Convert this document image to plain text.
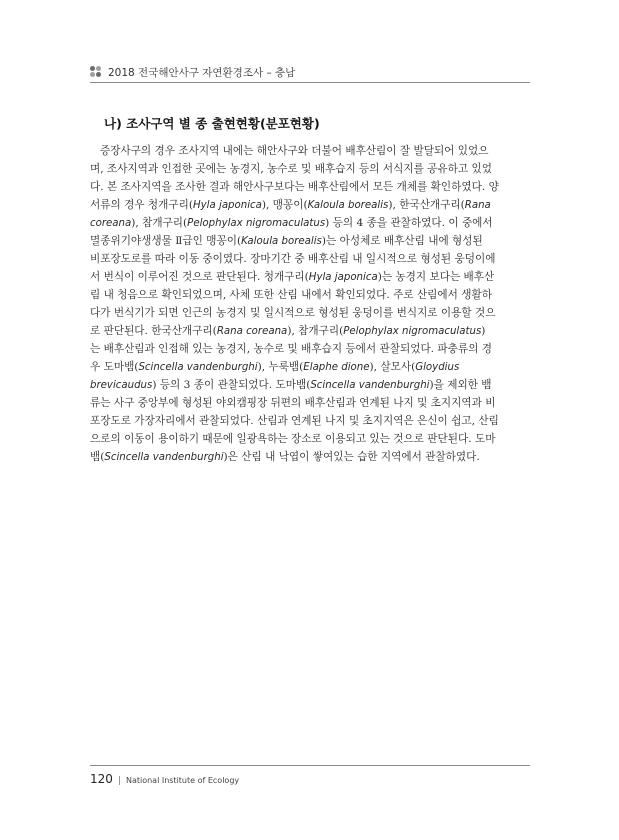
2018 전국해안사구 자연환경조사 – 충남
나) 조사구역 별 종 출현현황(분포현황)
증장사구의 경우 조사지역 내에는 해안사구와 더불어 배후산림이 잘 발달되어 있었으
며, 조사지역과 인접한 곳에는 농경지, 농수로 및 배후습지 등의 서식지를 공유하고 있었
다. 본 조사지역을 조사한 결과 해안사구보다는 배후산림에서 모든 개체를 확인하였다. 양
서류의 경우 청개구리(Hyla japonica), 맹꽁이(Kaloula borealis), 한국산개구리(Rana
coreana), 참개구리(Pelophylax nigromaculatus) 등의 4 종을 관찰하였다. 이 중에서
멸종위기야생생물 Ⅱ급인 맹꽁이(Kaloula borealis)는 아성체로 배후산림 내에 형성된
비포장도로를 따라 이동 중이였다. 장마기간 중 배후산림 내 일시적으로 형성된 웅덩이에
서 번식이 이루어진 것으로 판단된다. 청개구리(Hyla japonica)는 농경지 보다는 배후산
림 내 청음으로 확인되었으며, 사체 또한 산림 내에서 확인되었다. 주로 산림에서 생활하
다가 번식기가 되면 인근의 농경지 및 일시적으로 형성된 웅덩이를 번식지로 이용할 것으
로 판단된다. 한국산개구리(Rana coreana), 참개구리(Pelophylax nigromaculatus)
는 배후산림과 인접해 있는 농경지, 농수로 및 배후습지 등에서 관찰되었다. 파충류의 경
우 도마뱀(Scincella vandenburghi), 누룩뱀(Elaphe dione), 살모사(Gloydius
brevicaudus) 등의 3 종이 관찰되었다. 도마뱀(Scincella vandenburghi)을 제외한 뱀
류는 사구 중앙부에 형성된 야외캠핑장 뒤편의 배후산림과 연계된 나지 및 초지지역과 비
포장도로 가장자리에서 관찰되었다. 산림과 연계된 나지 및 초지지역은 은신이 쉽고, 산림
으로의 이동이 용이하기 때문에 일광욕하는 장소로 이용되고 있는 것으로 판단된다. 도마
뱀(Scincella vandenburghi)은 산림 내 낙엽이 쌓여있는 습한 지역에서 관찰하였다.
120 | National Institute of Ecology
